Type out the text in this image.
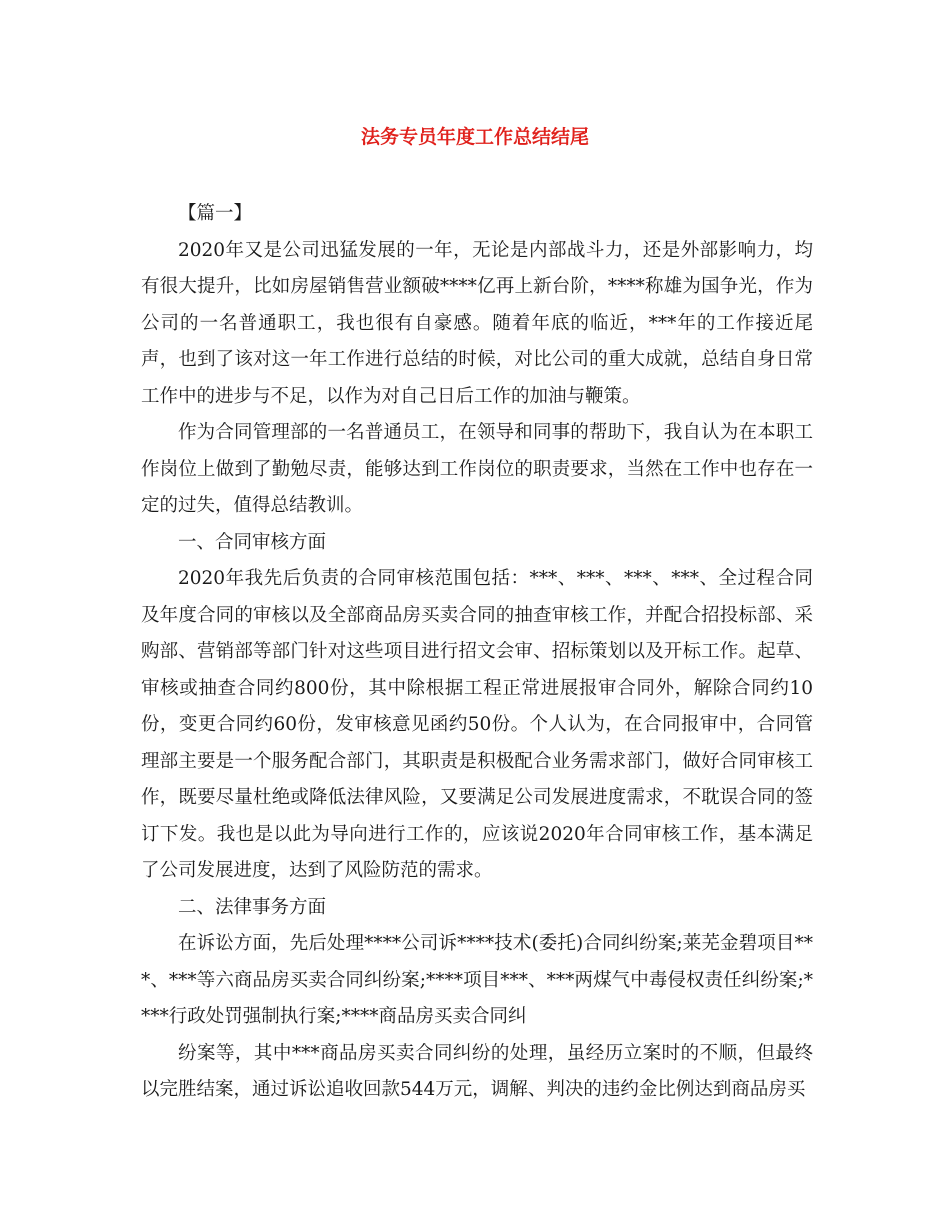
法务专员年度工作总结结尾

【篇一】

2020年又是公司迅猛发展的一年，无论是内部战斗力，还是外部影响力，均有很大提升，比如房屋销售营业额破****亿再上新台阶，****称雄为国争光，作为公司的一名普通职工，我也很有自豪感。随着年底的临近，***年的工作接近尾声，也到了该对这一年工作进行总结的时候，对比公司的重大成就，总结自身日常工作中的进步与不足，以作为对自己日后工作的加油与鞭策。

作为合同管理部的一名普通员工，在领导和同事的帮助下，我自认为在本职工作岗位上做到了勤勉尽责，能够达到工作岗位的职责要求，当然在工作中也存在一定的过失，值得总结教训。

一、合同审核方面

2020年我先后负责的合同审核范围包括：***、***、***、***、全过程合同及年度合同的审核以及全部商品房买卖合同的抽查审核工作，并配合招投标部、采购部、营销部等部门针对这些项目进行招文会审、招标策划以及开标工作。起草、审核或抽查合同约800份，其中除根据工程正常进展报审合同外，解除合同约10份，变更合同约60份，发审核意见函约50份。个人认为，在合同报审中，合同管理部主要是一个服务配合部门，其职责是积极配合业务需求部门，做好合同审核工作，既要尽量杜绝或降低法律风险，又要满足公司发展进度需求，不耽误合同的签订下发。我也是以此为导向进行工作的，应该说2020年合同审核工作，基本满足了公司发展进度，达到了风险防范的需求。

二、法律事务方面

在诉讼方面，先后处理****公司诉****技术(委托)合同纠纷案;莱芜金碧项目***、***等六商品房买卖合同纠纷案;****项目***、***两煤气中毒侵权责任纠纷案;****行政处罚强制执行案;****商品房买卖合同纠

纷案等，其中***商品房买卖合同纠纷的处理，虽经历立案时的不顺，但最终以完胜结案，通过诉讼追收回款544万元，调解、判决的违约金比例达到商品房买
